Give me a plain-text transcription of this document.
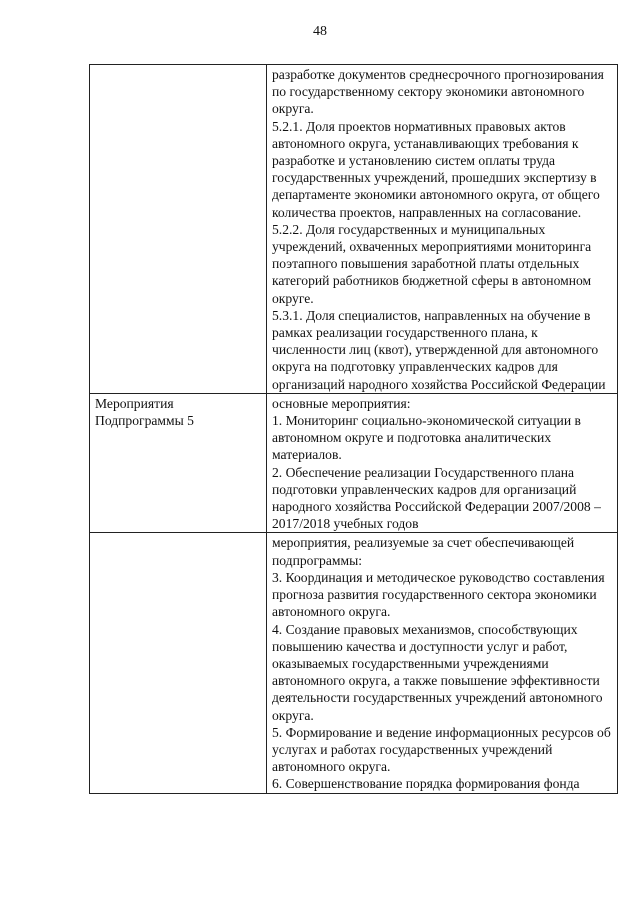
48

	разработке документов среднесрочного прогнозирования по государственному сектору экономики автономного округа.
5.2.1. Доля проектов нормативных правовых актов автономного округа, устанавливающих требования к разработке и установлению систем оплаты труда государственных учреждений, прошедших экспертизу в департаменте экономики автономного округа, от общего количества проектов, направленных на согласование.
5.2.2. Доля государственных и муниципальных учреждений, охваченных мероприятиями мониторинга поэтапного повышения заработной платы отдельных категорий работников бюджетной сферы в автономном округе.
5.3.1. Доля специалистов, направленных на обучение в рамках реализации государственного плана, к численности лиц (квот), утвержденной для автономного округа на подготовку управленческих кадров для организаций народного хозяйства Российской Федерации

Мероприятия Подпрограммы 5	основные мероприятия:
1. Мониторинг социально-экономической ситуации в автономном округе и подготовка аналитических материалов.
2. Обеспечение реализации Государственного плана подготовки управленческих кадров для организаций народного хозяйства Российской Федерации 2007/2008 – 2017/2018 учебных годов

	мероприятия, реализуемые за счет обеспечивающей подпрограммы:
3. Координация и методическое руководство составления прогноза развития государственного сектора экономики автономного округа.
4. Создание правовых механизмов, способствующих повышению качества и доступности услуг и работ, оказываемых государственными учреждениями автономного округа, а также повышение эффективности деятельности государственных учреждений автономного округа.
5. Формирование и ведение информационных ресурсов об услугах и работах государственных учреждений автономного округа.
6. Совершенствование порядка формирования фонда
